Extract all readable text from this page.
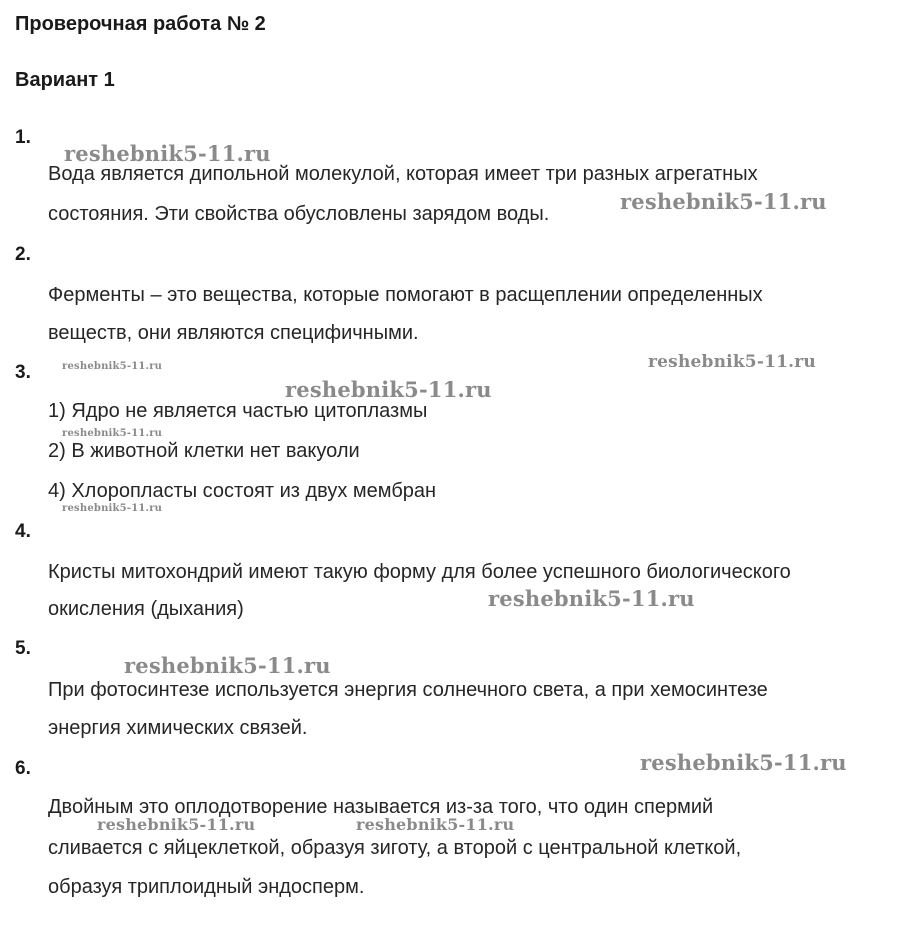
Проверочная работа № 2
Вариант 1
1.
Вода является дипольной молекулой, которая имеет три разных агрегатных
состояния. Эти свойства обусловлены зарядом воды.
2.
Ферменты – это вещества, которые помогают в расщеплении определенных
веществ, они являются специфичными.
3.
1) Ядро не является частью цитоплазмы
2) В животной клетки нет вакуоли
4) Хлоропласты состоят из двух мембран
4.
Кристы митохондрий имеют такую форму для более успешного биологического
окисления (дыхания)
5.
При фотосинтезе используется энергия солнечного света, а при хемосинтезе
энергия химических связей.
6.
Двойным это оплодотворение называется из-за того, что один спермий
сливается с яйцеклеткой, образуя зиготу, а второй с центральной клеткой,
образуя триплоидный эндосперм.
reshebnik5-11.ru
reshebnik5-11.ru
reshebnik5-11.ru	reshebnik5-11.ru
reshebnik5-11.ru
reshebnik5-11.ru
reshebnik5-11.ru
reshebnik5-11.ru
reshebnik5-11.ru
reshebnik5-11.ru
reshebnik5-11.ru	reshebnik5-11.ru
